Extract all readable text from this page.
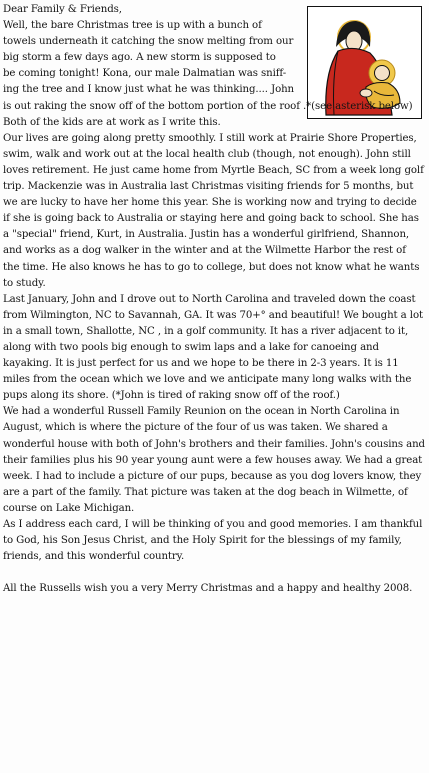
Dear Family & Friends,

Well, the bare Christmas tree is up with a bunch of

towels underneath it catching the snow melting from our

big storm a few days ago. A new storm is supposed to

be coming tonight! Kona, our male Dalmatian was sniff-

ing the tree and I know just what he was thinking.... John

is out raking the snow off of the bottom portion of the roof .*(see asterisk below) Both of the kids are at work as I write this.

Our lives are going along pretty smoothly. I still work at Prairie Shore Properties, swim, walk and work out at the local health club (though, not enough). John still loves retirement. He just came home from Myrtle Beach, SC from a week long golf trip. Mackenzie was in Australia last Christmas visiting friends for 5 months, but we are lucky to have her home this year. She is working now and trying to decide if she is going back to Australia or staying here and going back to school. She has a "special" friend, Kurt, in Australia. Justin has a wonderful girlfriend, Shannon, and works as a dog walker in the winter and at the Wilmette Harbor the rest of the time. He also knows he has to go to college, but does not know what he wants to study.

Last January, John and I drove out to North Carolina and traveled down the coast from Wilmington, NC to Savannah, GA. It was 70+° and beautiful! We bought a lot in a small town, Shallotte, NC , in a golf community. It has a river adjacent to it, along with two pools big enough to swim laps and a lake for canoeing and kayaking. It is just perfect for us and we hope to be there in 2-3 years. It is 11 miles from the ocean which we love and we anticipate many long walks with the pups along its shore. (*John is tired of raking snow off of the roof.)

We had a wonderful Russell Family Reunion on the ocean in North Carolina in August, which is where the picture of the four of us was taken. We shared a wonderful house with both of John's brothers and their families. John's cousins and their families plus his 90 year young aunt were a few houses away. We had a great week. I had to include a picture of our pups, because as you dog lovers know, they are a part of the family. That picture was taken at the dog beach in Wilmette, of course on Lake Michigan.

As I address each card, I will be thinking of you and good memories. I am thankful to God, his Son Jesus Christ, and the Holy Spirit for the blessings of my family, friends, and this wonderful country.

All the Russells wish you a very Merry Christmas and a happy and healthy 2008.
